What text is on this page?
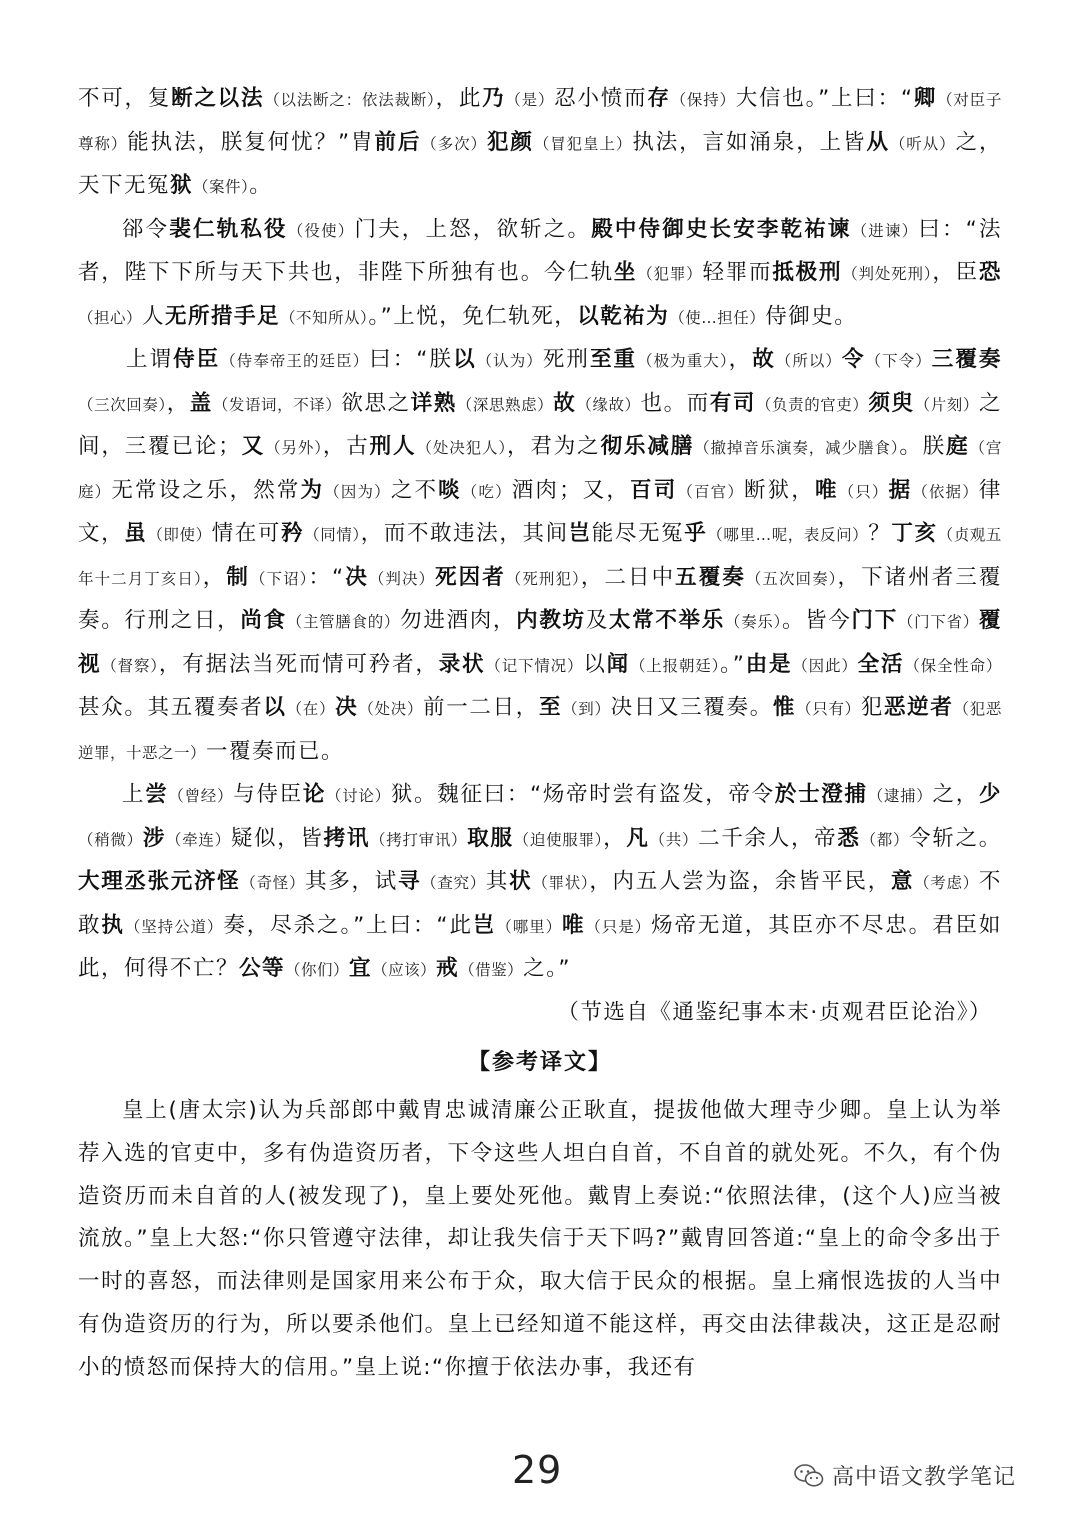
不可，复断之以法（以法断之：依法裁断），此乃（是）忍小愤而存（保持）大信也。”上曰：“卿（对臣子尊称）能执法，朕复何忧？”胄前后（多次）犯颜（冒犯皇上）执法，言如涌泉，上皆从（听从）之，天下无冤狱（案件）。

郤令裴仁轨私役（役使）门夫，上怒，欲斩之。殿中侍御史长安李乾祐谏（进谏）曰：“法者，陛下下所与天下共也，非陛下所独有也。今仁轨坐（犯罪）轻罪而抵极刑（判处死刑），臣恐（担心）人无所措手足（不知所从）。”上悦，免仁轨死，以乾祐为（使…担任）侍御史。

上谓侍臣（侍奉帝王的廷臣）曰：“朕以（认为）死刑至重（极为重大），故（所以）令（下令）三覆奏（三次回奏），盖（发语词，不译）欲思之详熟（深思熟虑）故（缘故）也。而有司（负责的官吏）须臾（片刻）之间，三覆已论；又（另外），古刑人（处决犯人），君为之彻乐减膳（撤掉音乐演奏，减少膳食）。朕庭（宫庭）无常设之乐，然常为（因为）之不啖（吃）酒肉；又，百司（百官）断狱，唯（只）据（依据）律文，虽（即使）情在可矜（同情），而不敢违法，其间岂能尽无冤乎（哪里…呢，表反问）？丁亥（贞观五年十二月丁亥日），制（下诏）：“决（判决）死因者（死刑犯），二日中五覆奏（五次回奏），下诸州者三覆奏。行刑之日，尚食（主管膳食的）勿进酒肉，内教坊及太常不举乐（奏乐）。皆今门下（门下省）覆视（督察），有据法当死而情可矜者，录状（记下情况）以闻（上报朝廷）。”由是（因此）全活（保全性命）甚众。其五覆奏者以（在）决（处决）前一二日，至（到）决日又三覆奏。惟（只有）犯恶逆者（犯恶逆罪，十恶之一）一覆奏而已。

上尝（曾经）与侍臣论（讨论）狱。魏征曰：“炀帝时尝有盗发，帝令於士澄捕（逮捕）之，少（稍微）涉（牵连）疑似，皆拷讯（拷打审讯）取服（迫使服罪），凡（共）二千余人，帝悉（都）令斩之。大理丞张元济怪（奇怪）其多，试寻（查究）其状（罪状），内五人尝为盗，余皆平民，意（考虑）不敢执（坚持公道）奏，尽杀之。”上曰：“此岂（哪里）唯（只是）炀帝无道，其臣亦不尽忠。君臣如此，何得不亡？公等（你们）宜（应该）戒（借鉴）之。”

（节选自《通鉴纪事本末·贞观君臣论治》）
【参考译文】

皇上(唐太宗)认为兵部郎中戴胄忠诚清廉公正耿直，提拔他做大理寺少卿。皇上认为举荐入选的官吏中，多有伪造资历者，下令这些人坦白自首，不自首的就处死。不久，有个伪造资历而未自首的人(被发现了)，皇上要处死他。戴胄上奏说:“依照法律，(这个人)应当被流放。”皇上大怒:“你只管遵守法律，却让我失信于天下吗?”戴胄回答道:“皇上的命令多出于一时的喜怒，而法律则是国家用来公布于众，取大信于民众的根据。皇上痛恨选拔的人当中有伪造资历的行为，所以要杀他们。皇上已经知道不能这样，再交由法律裁决，这正是忍耐小的愤怒而保持大的信用。”皇上说:“你擅于依法办事，我还有

29	高中语文教学笔记
